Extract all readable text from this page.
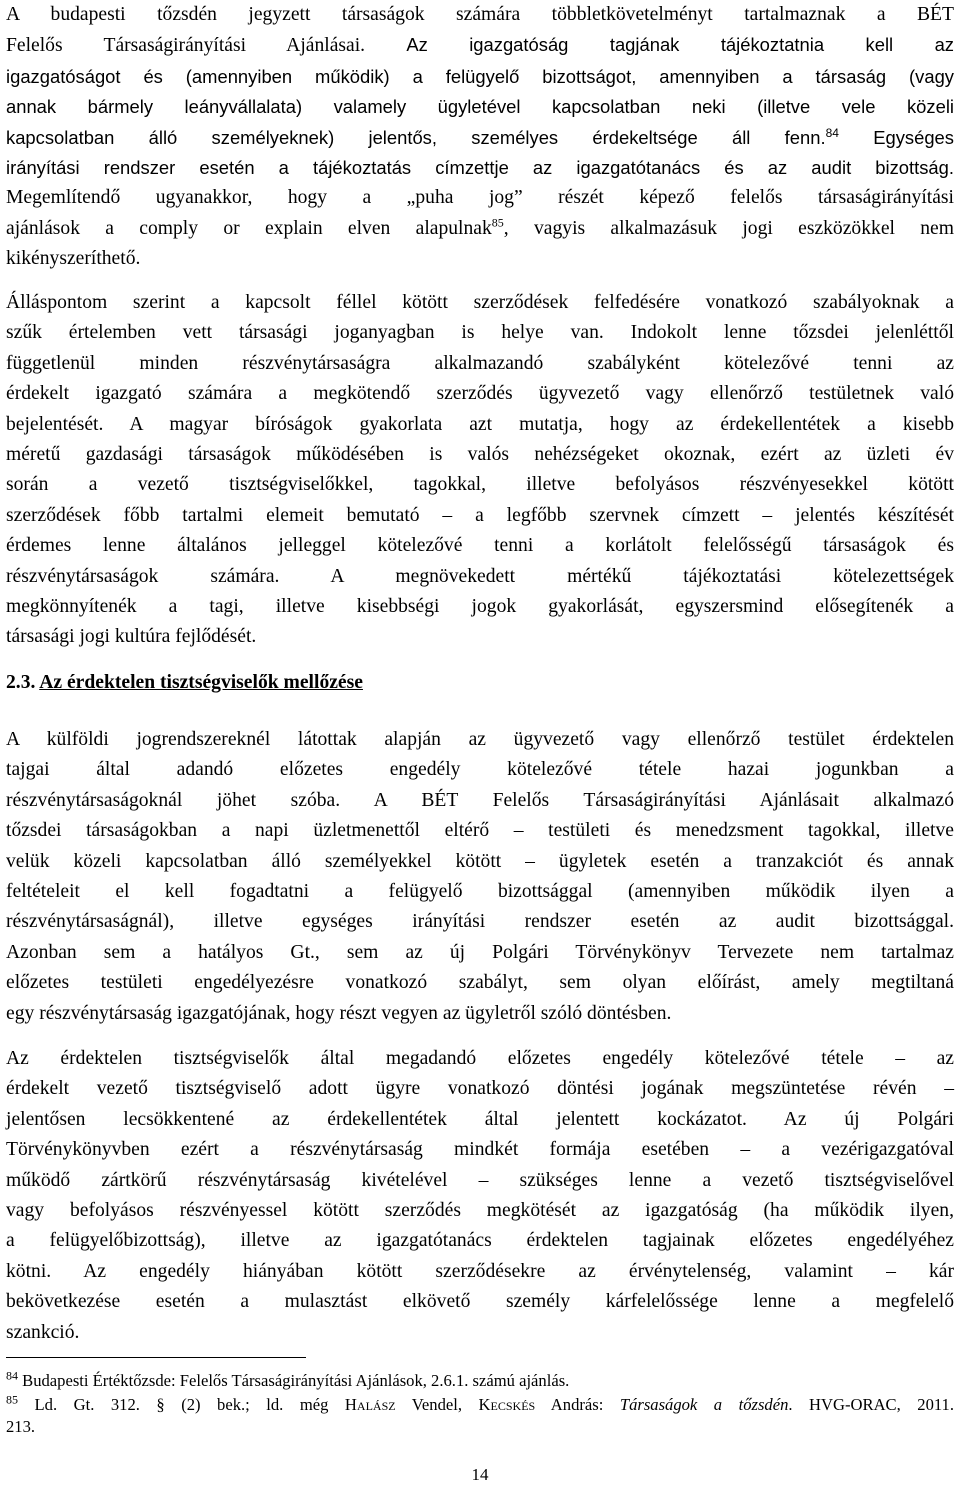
A budapesti tőzsdén jegyzett társaságok számára többletkövetelményt tartalmaznak a BÉT

Felelős Társaságirányítási Ajánlásai. Az igazgatóság tagjának tájékoztatnia kell az

igazgatóságot és (amennyiben működik) a felügyelő bizottságot, amennyiben a társaság (vagy

annak bármely leányvállalata) valamely ügyletével kapcsolatban neki (illetve vele közeli

kapcsolatban álló személyeknek) jelentős, személyes érdekeltsége áll fenn.$^{84}$ Egységes

irányítási rendszer esetén a tájékoztatás címzettje az igazgatótanács és az audit bizottság.

Megemlítendő ugyanakkor, hogy a „puha jog” részét képező felelős társaságirányítási

ajánlások a comply or explain elven alapulnak$^{85}$, vagyis alkalmazásuk jogi eszközökkel nem

kikényszeríthető.

Álláspontom szerint a kapcsolt féllel kötött szerződések felfedésére vonatkozó szabályoknak a

szűk értelemben vett társasági joganyagban is helye van. Indokolt lenne tőzsdei jelenléttől

függetlenül minden részvénytársaságra alkalmazandó szabályként kötelezővé tenni az

érdekelt igazgató számára a megkötendő szerződés ügyvezető vagy ellenőrző testületnek való

bejelentését. A magyar bíróságok gyakorlata azt mutatja, hogy az érdekellentétek a kisebb

méretű gazdasági társaságok működésében is valós nehézségeket okoznak, ezért az üzleti év

során a vezető tisztségviselőkkel, tagokkal, illetve befolyásos részvényesekkel kötött

szerződések főbb tartalmi elemeit bemutató – a legfőbb szervnek címzett – jelentés készítését

érdemes lenne általános jelleggel kötelezővé tenni a korlátolt felelősségű társaságok és

részvénytársaságok számára. A megnövekedett mértékű tájékoztatási kötelezettségek

megkönnyítenék a tagi, illetve kisebbségi jogok gyakorlását, egyszersmind elősegítenék a

társasági jogi kultúra fejlődését.

2.3. Az érdektelen tisztségviselők mellőzése

A külföldi jogrendszereknél látottak alapján az ügyvezető vagy ellenőrző testület érdektelen

tajgai által adandó előzetes engedély kötelezővé tétele hazai jogunkban a

részvénytársaságoknál jöhet szóba. A BÉT Felelős Társaságirányítási Ajánlásait alkalmazó

tőzsdei társaságokban a napi üzletmenettől eltérő – testületi és menedzsment tagokkal, illetve

velük közeli kapcsolatban álló személyekkel kötött – ügyletek esetén a tranzakciót és annak

feltételeit el kell fogadtatni a felügyelő bizottsággal (amennyiben működik ilyen a

részvénytársaságnál), illetve egységes irányítási rendszer esetén az audit bizottsággal.

Azonban sem a hatályos Gt., sem az új Polgári Törvénykönyv Tervezete nem tartalmaz

előzetes testületi engedélyezésre vonatkozó szabályt, sem olyan előírást, amely megtiltaná

egy részvénytársaság igazgatójának, hogy részt vegyen az ügyletről szóló döntésben.

Az érdektelen tisztségviselők által megadandó előzetes engedély kötelezővé tétele – az

érdekelt vezető tisztségviselő adott ügyre vonatkozó döntési jogának megszüntetése révén –

jelentősen lecsökkentené az érdekellentétek által jelentett kockázatot. Az új Polgári

Törvénykönyvben ezért a részvénytársaság mindkét formája esetében – a vezérigazgatóval

működő zártkörű részvénytársaság kivételével – szükséges lenne a vezető tisztségviselővel

vagy befolyásos részvényessel kötött szerződés megkötését az igazgatóság (ha működik ilyen,

a felügyelőbizottság), illetve az igazgatótanács érdektelen tagjainak előzetes engedélyéhez

kötni. Az engedély hiányában kötött szerződésekre az érvénytelenség, valamint – kár

bekövetkezése esetén a mulasztást elkövető személy kárfelelőssége lenne a megfelelő

szankció.

$^{84}$ Budapesti Értéktőzsde: Felelős Társaságirányítási Ajánlások, 2.6.1. számú ajánlás.
$^{85}$ Ld. Gt. 312. § (2) bek.; ld. még Halász Vendel, Kecskés András: Társaságok a tőzsdén. HVG-ORAC, 2011.
213.
14
